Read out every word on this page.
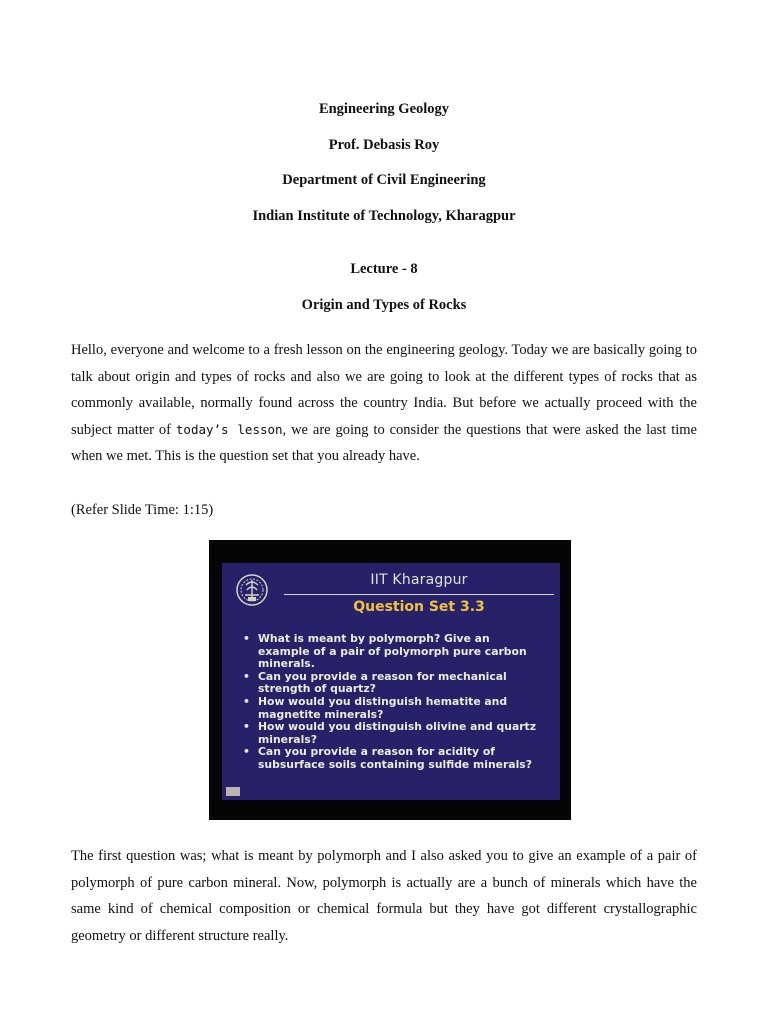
Engineering Geology
Prof. Debasis Roy
Department of Civil Engineering
Indian Institute of Technology, Kharagpur
Lecture - 8
Origin and Types of Rocks
Hello, everyone and welcome to a fresh lesson on the engineering geology. Today we are basically going to talk about origin and types of rocks and also we are going to look at the different types of rocks that as commonly available, normally found across the country India. But before we actually proceed with the subject matter of today’s lesson, we are going to consider the questions that were asked the last time when we met. This is the question set that you already have.
(Refer Slide Time: 1:15)
IIT Kharagpur
Question Set 3.3
• What is meant by polymorph? Give an
example of a pair of polymorph pure carbon
minerals.
• Can you provide a reason for mechanical
strength of quartz?
• How would you distinguish hematite and
magnetite minerals?
• How would you distinguish olivine and quartz
minerals?
• Can you provide a reason for acidity of
subsurface soils containing sulfide minerals?
The first question was; what is meant by polymorph and I also asked you to give an example of a pair of polymorph of pure carbon mineral. Now, polymorph is actually are a bunch of minerals which have the same kind of chemical composition or chemical formula but they have got different crystallographic geometry or different structure really.
